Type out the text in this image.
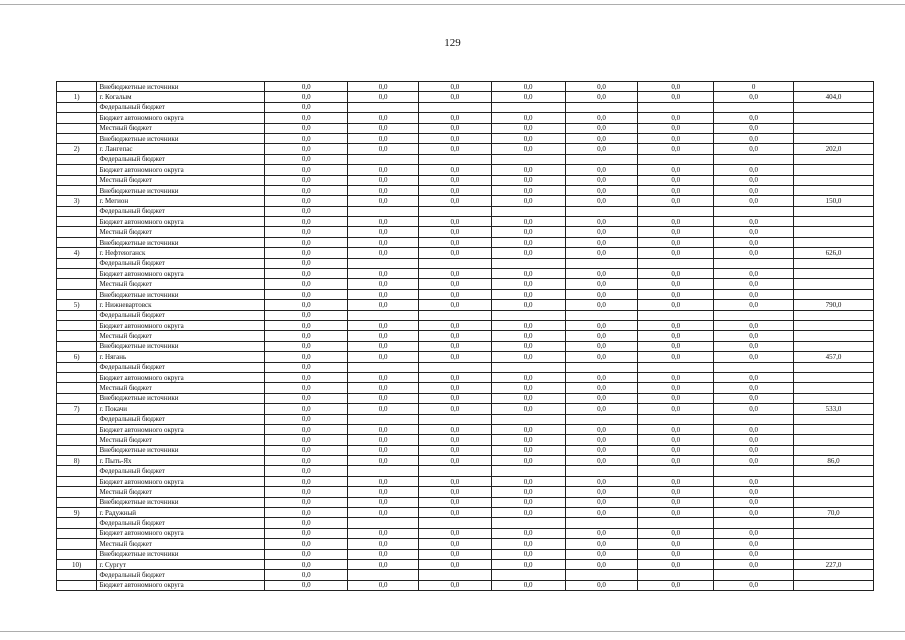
129
	Внебюджетные источники	0,0	0,0	0,0	0,0	0,0	0,0	0	
1)	г. Когалым	0,0	0,0	0,0	0,0	0,0	0,0	0,0	404,0
	Федеральный бюджет	0,0							
	Бюджет автономного округа	0,0	0,0	0,0	0,0	0,0	0,0	0,0	
	Местный бюджет	0,0	0,0	0,0	0,0	0,0	0,0	0,0	
	Внебюджетные источники	0,0	0,0	0,0	0,0	0,0	0,0	0,0	
2)	г. Лангепас	0,0	0,0	0,0	0,0	0,0	0,0	0,0	202,0
	Федеральный бюджет	0,0							
	Бюджет автономного округа	0,0	0,0	0,0	0,0	0,0	0,0	0,0	
	Местный бюджет	0,0	0,0	0,0	0,0	0,0	0,0	0,0	
	Внебюджетные источники	0,0	0,0	0,0	0,0	0,0	0,0	0,0	
3)	г. Мегион	0,0	0,0	0,0	0,0	0,0	0,0	0,0	150,0
	Федеральный бюджет	0,0							
	Бюджет автономного округа	0,0	0,0	0,0	0,0	0,0	0,0	0,0	
	Местный бюджет	0,0	0,0	0,0	0,0	0,0	0,0	0,0	
	Внебюджетные источники	0,0	0,0	0,0	0,0	0,0	0,0	0,0	
4)	г. Нефтеюганск	0,0	0,0	0,0	0,0	0,0	0,0	0,0	626,0
	Федеральный бюджет	0,0							
	Бюджет автономного округа	0,0	0,0	0,0	0,0	0,0	0,0	0,0	
	Местный бюджет	0,0	0,0	0,0	0,0	0,0	0,0	0,0	
	Внебюджетные источники	0,0	0,0	0,0	0,0	0,0	0,0	0,0	
5)	г. Нижневартовск	0,0	0,0	0,0	0,0	0,0	0,0	0,0	790,0
	Федеральный бюджет	0,0							
	Бюджет автономного округа	0,0	0,0	0,0	0,0	0,0	0,0	0,0	
	Местный бюджет	0,0	0,0	0,0	0,0	0,0	0,0	0,0	
	Внебюджетные источники	0,0	0,0	0,0	0,0	0,0	0,0	0,0	
6)	г. Нягань	0,0	0,0	0,0	0,0	0,0	0,0	0,0	457,0
	Федеральный бюджет	0,0							
	Бюджет автономного округа	0,0	0,0	0,0	0,0	0,0	0,0	0,0	
	Местный бюджет	0,0	0,0	0,0	0,0	0,0	0,0	0,0	
	Внебюджетные источники	0,0	0,0	0,0	0,0	0,0	0,0	0,0	
7)	г. Покачи	0,0	0,0	0,0	0,0	0,0	0,0	0,0	533,0
	Федеральный бюджет	0,0							
	Бюджет автономного округа	0,0	0,0	0,0	0,0	0,0	0,0	0,0	
	Местный бюджет	0,0	0,0	0,0	0,0	0,0	0,0	0,0	
	Внебюджетные источники	0,0	0,0	0,0	0,0	0,0	0,0	0,0	
8)	г. Пыть-Ях	0,0	0,0	0,0	0,0	0,0	0,0	0,0	86,0
	Федеральный бюджет	0,0							
	Бюджет автономного округа	0,0	0,0	0,0	0,0	0,0	0,0	0,0	
	Местный бюджет	0,0	0,0	0,0	0,0	0,0	0,0	0,0	
	Внебюджетные источники	0,0	0,0	0,0	0,0	0,0	0,0	0,0	
9)	г. Радужный	0,0	0,0	0,0	0,0	0,0	0,0	0,0	70,0
	Федеральный бюджет	0,0							
	Бюджет автономного округа	0,0	0,0	0,0	0,0	0,0	0,0	0,0	
	Местный бюджет	0,0	0,0	0,0	0,0	0,0	0,0	0,0	
	Внебюджетные источники	0,0	0,0	0,0	0,0	0,0	0,0	0,0	
10)	г. Сургут	0,0	0,0	0,0	0,0	0,0	0,0	0,0	227,0
	Федеральный бюджет	0,0							
	Бюджет автономного округа	0,0	0,0	0,0	0,0	0,0	0,0	0,0	
